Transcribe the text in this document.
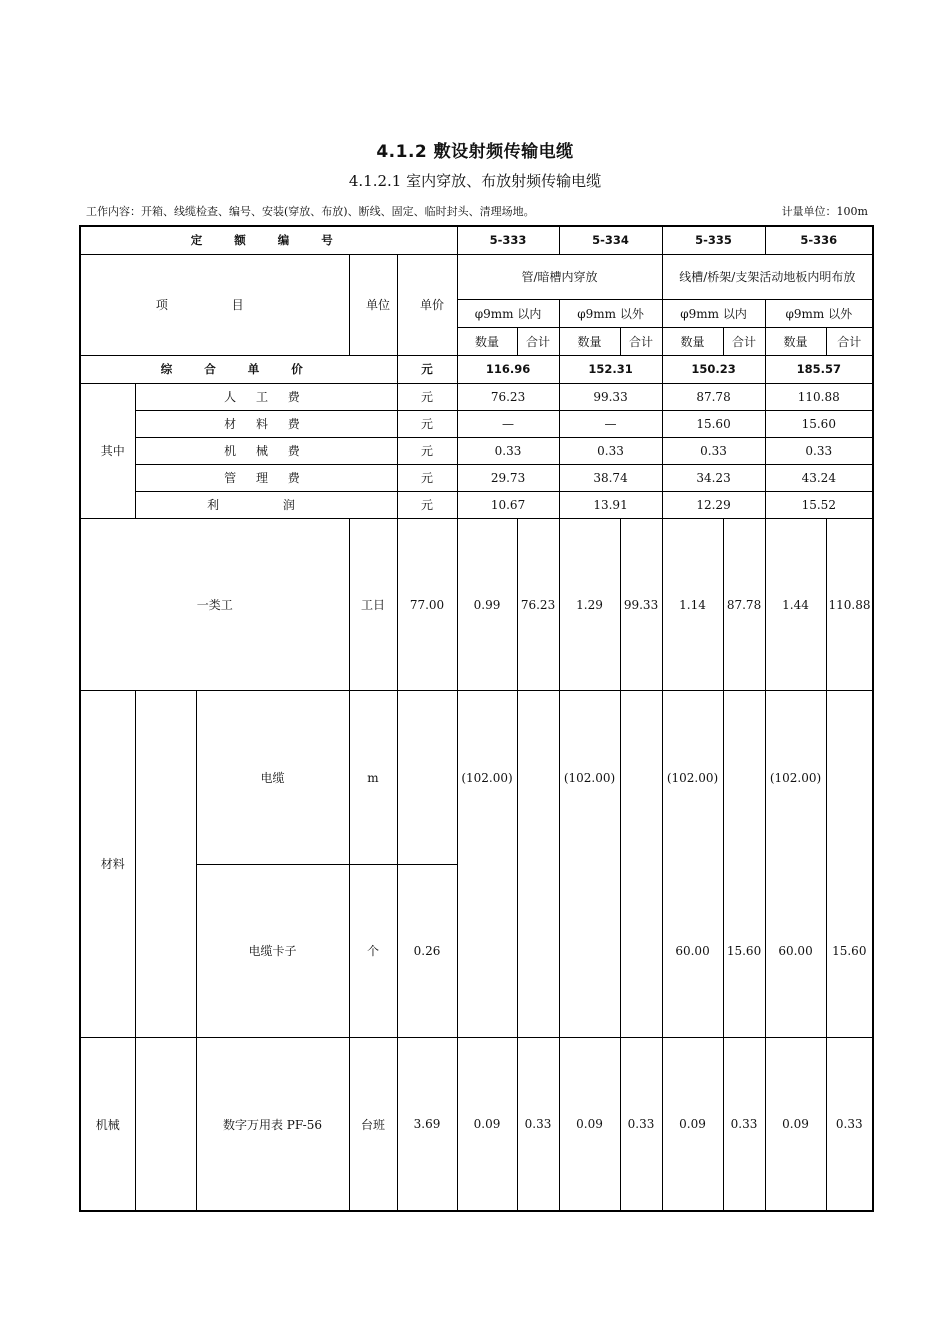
4.1.2 敷设射频传输电缆
4.1.2.1 室内穿放、布放射频传输电缆
工作内容：开箱、线缆检查、编号、安装(穿放、布放)、断线、固定、临时封头、清理场地。	计量单位：100m
定 额 编 号					5-333		5-334		5-335		5-336	
项 目			单位	单价	管/暗槽内穿放				线槽/桥架/支架活动地板内明布放			
					φ9mm 以内		φ9mm 以外		φ9mm 以内		φ9mm 以外	
					数量	合计	数量	合计	数量	合计	数量	合计
综 合 单 价				元	116.96		152.31		150.23		185.57	

其中	人 工 费			元	76.23		99.33		87.78		110.88	
	材 料 费			元	—		—		15.60		15.60	
	机 械 费			元	0.33		0.33		0.33		0.33	
	管 理 费			元	29.73		38.74		34.23		43.24	
	利 润			元	10.67		13.91		12.29		15.52	
一类工			工日	77.00	0.99	76.23	1.29	99.33	1.14	87.78	1.44	110.88

材料		电缆	m		(102.00)		(102.00)		(102.00)		(102.00)	
		电缆卡子	个	0.26					60.00	15.60	60.00	15.60
机械		数字万用表 PF-56	台班	3.69	0.09	0.33	0.09	0.33	0.09	0.33	0.09	0.33
